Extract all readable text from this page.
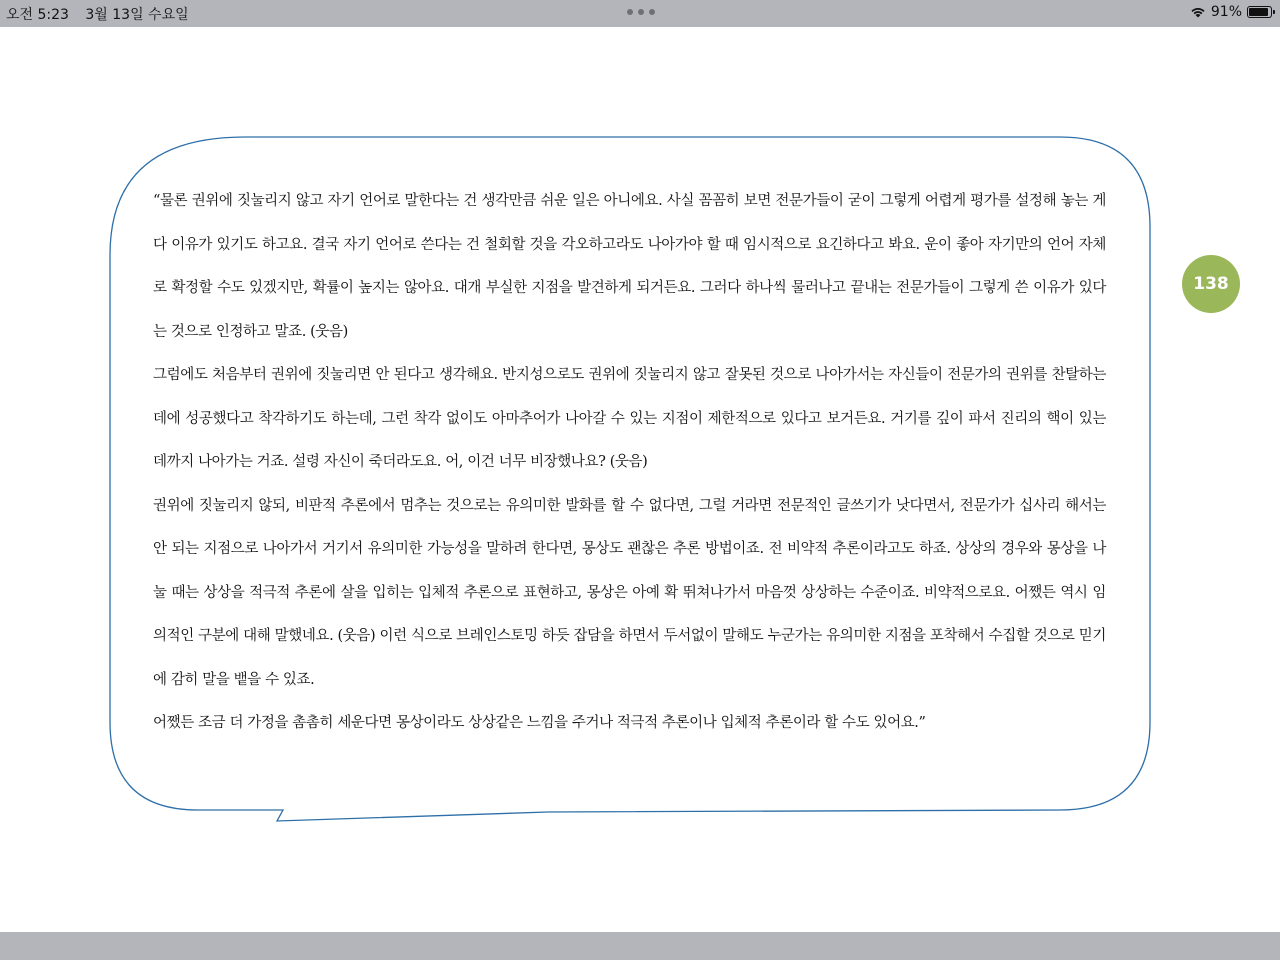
오전 5:23 3월 13일 수요일	91%

“물론 권위에 짓눌리지 않고 자기 언어로 말한다는 건 생각만큼 쉬운 일은 아니에요. 사실 꼼꼼히 보면 전문가들이 굳이 그렇게 어렵게 평가를 설정해 놓는 게 다 이유가 있기도 하고요. 결국 자기 언어로 쓴다는 건 철회할 것을 각오하고라도 나아가야 할 때 임시적으로 요긴하다고 봐요. 운이 좋아 자기만의 언어 자체로 확정할 수도 있겠지만, 확률이 높지는 않아요. 대개 부실한 지점을 발견하게 되거든요. 그러다 하나씩 물러나고 끝내는 전문가들이 그렇게 쓴 이유가 있다는 것으로 인정하고 말죠. (웃음)

그럼에도 처음부터 권위에 짓눌리면 안 된다고 생각해요. 반지성으로도 권위에 짓눌리지 않고 잘못된 것으로 나아가서는 자신들이 전문가의 권위를 찬탈하는 데에 성공했다고 착각하기도 하는데, 그런 착각 없이도 아마추어가 나아갈 수 있는 지점이 제한적으로 있다고 보거든요. 거기를 깊이 파서 진리의 핵이 있는 데까지 나아가는 거죠. 설령 자신이 죽더라도요. 어, 이건 너무 비장했나요? (웃음)

권위에 짓눌리지 않되, 비판적 추론에서 멈추는 것으로는 유의미한 발화를 할 수 없다면, 그럴 거라면 전문적인 글쓰기가 낫다면서, 전문가가 십사리 해서는 안 되는 지점으로 나아가서 거기서 유의미한 가능성을 말하려 한다면, 몽상도 괜찮은 추론 방법이죠. 전 비약적 추론이라고도 하죠. 상상의 경우와 몽상을 나눌 때는 상상을 적극적 추론에 살을 입히는 입체적 추론으로 표현하고, 몽상은 아예 확 뛰쳐나가서 마음껏 상상하는 수준이죠. 비약적으로요. 어쨌든 역시 임의적인 구분에 대해 말했네요. (웃음) 이런 식으로 브레인스토밍 하듯 잡담을 하면서 두서없이 말해도 누군가는 유의미한 지점을 포착해서 수집할 것으로 믿기에 감히 말을 뱉을 수 있죠.

어쨌든 조금 더 가정을 촘촘히 세운다면 몽상이라도 상상같은 느낌을 주거나 적극적 추론이나 입체적 추론이라 할 수도 있어요.”

138
